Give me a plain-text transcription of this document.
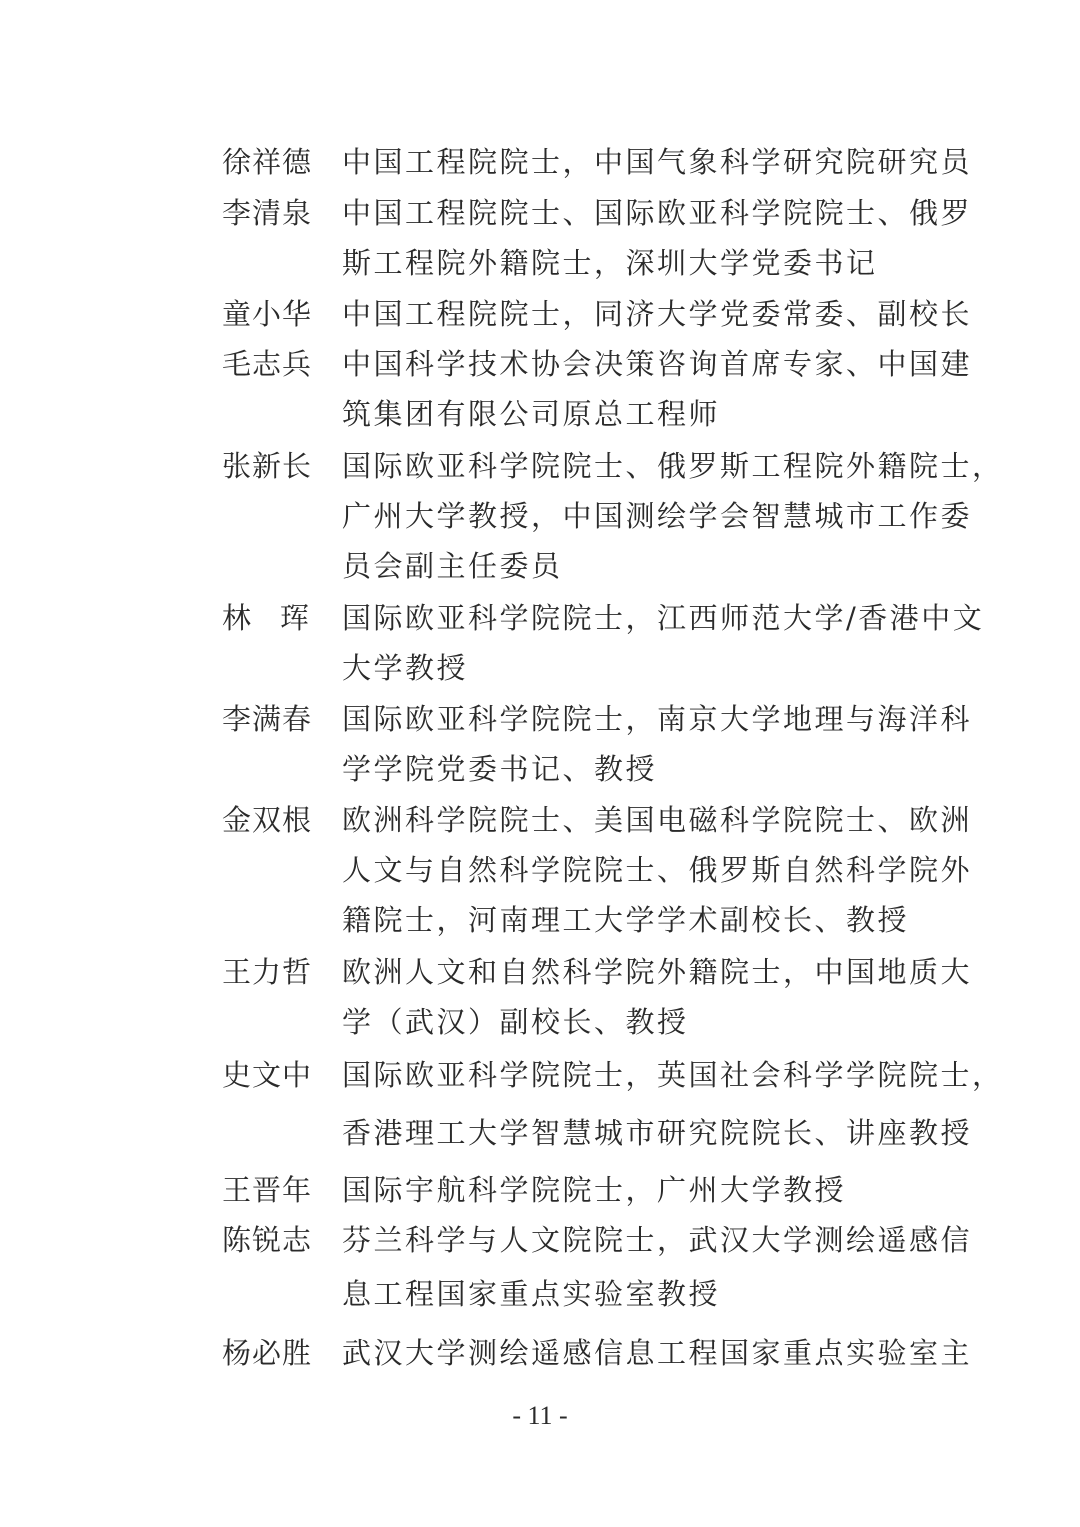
徐祥德	中国工程院院士，中国气象科学研究院研究员
李清泉	中国工程院院士、国际欧亚科学院院士、俄罗
斯工程院外籍院士，深圳大学党委书记
童小华	中国工程院院士，同济大学党委常委、副校长
毛志兵	中国科学技术协会决策咨询首席专家、中国建
筑集团有限公司原总工程师
张新长	国际欧亚科学院院士、俄罗斯工程院外籍院士，
广州大学教授，中国测绘学会智慧城市工作委
员会副主任委员
林　珲	国际欧亚科学院院士，江西师范大学/香港中文
大学教授
李满春	国际欧亚科学院院士，南京大学地理与海洋科
学学院党委书记、教授
金双根	欧洲科学院院士、美国电磁科学院院士、欧洲
人文与自然科学院院士、俄罗斯自然科学院外
籍院士，河南理工大学学术副校长、教授
王力哲	欧洲人文和自然科学院外籍院士，中国地质大
学（武汉）副校长、教授
史文中	国际欧亚科学院院士，英国社会科学学院院士，
香港理工大学智慧城市研究院院长、讲座教授
王晋年	国际宇航科学院院士，广州大学教授
陈锐志	芬兰科学与人文院院士，武汉大学测绘遥感信
息工程国家重点实验室教授
杨必胜	武汉大学测绘遥感信息工程国家重点实验室主
- 11 -
